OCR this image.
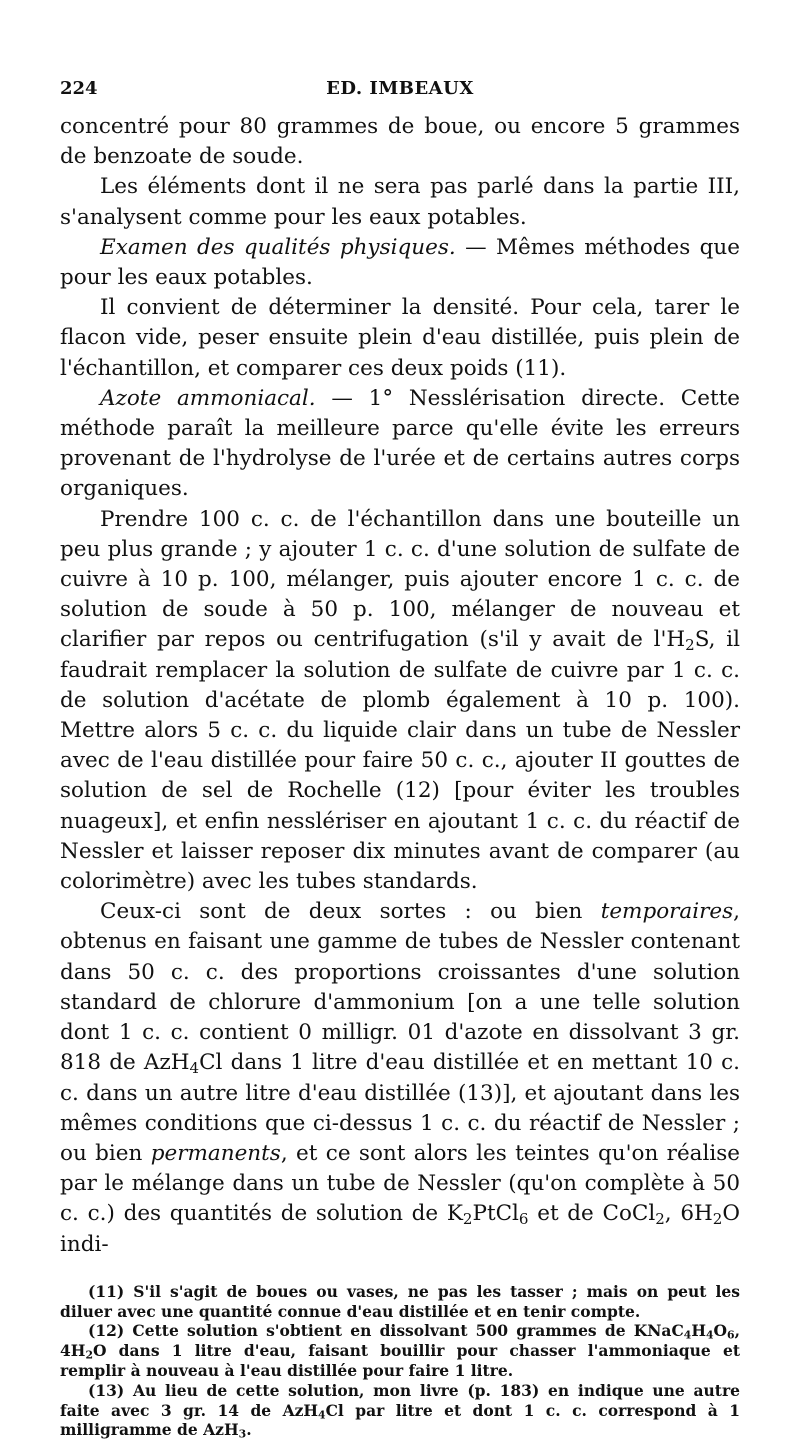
224	ED. IMBEAUX

concentré pour 80 grammes de boue, ou encore 5 grammes de benzoate de soude.

Les éléments dont il ne sera pas parlé dans la partie III, s'analysent comme pour les eaux potables.

Examen des qualités physiques. — Mêmes méthodes que pour les eaux potables.

Il convient de déterminer la densité. Pour cela, tarer le flacon vide, peser ensuite plein d'eau distillée, puis plein de l'échantillon, et comparer ces deux poids (11).

Azote ammoniacal. — 1° Nesslérisation directe. Cette méthode paraît la meilleure parce qu'elle évite les erreurs provenant de l'hydrolyse de l'urée et de certains autres corps organiques.

Prendre 100 c. c. de l'échantillon dans une bouteille un peu plus grande ; y ajouter 1 c. c. d'une solution de sulfate de cuivre à 10 p. 100, mélanger, puis ajouter encore 1 c. c. de solution de soude à 50 p. 100, mélanger de nouveau et clarifier par repos ou centrifugation (s'il y avait de $l'H_2S$, il faudrait remplacer la solution de sulfate de cuivre par 1 c. c. de solution d'acétate de plomb également à 10 p. 100). Mettre alors 5 c. c. du liquide clair dans un tube de Nessler avec de l'eau distillée pour faire 50 c. c., ajouter II gouttes de solution de sel de Rochelle (12) [pour éviter les troubles nuageux], et enfin nesslériser en ajoutant 1 c. c. du réactif de Nessler et laisser reposer dix minutes avant de comparer (au colorimètre) avec les tubes standards.

Ceux-ci sont de deux sortes : ou bien temporaires, obtenus en faisant une gamme de tubes de Nessler contenant dans 50 c. c. des proportions croissantes d'une solution standard de chlorure d'ammonium [on a une telle solution dont 1 c. c. contient 0 milligr. 01 d'azote en dissolvant 3 gr. 818 de AzH$_4$Cl dans 1 litre d'eau distillée et en mettant 10 c. c. dans un autre litre d'eau distillée (13)], et ajoutant dans les mêmes conditions que ci-dessus 1 c. c. du réactif de Nessler ; ou bien permanents, et ce sont alors les teintes qu'on réalise par le mélange dans un tube de Nessler (qu'on complète à 50 c. c.) des quantités de solution de $K_2PtCl_6$ et de CoCl$_2$, $6H_2O$ indi-

(11) S'il s'agit de boues ou vases, ne pas les tasser ; mais on peut les diluer avec une quantité connue d'eau distillée et en tenir compte.

(12) Cette solution s'obtient en dissolvant 500 grammes de $KNaC_4H_4O_6$, $4H_2O$ dans 1 litre d'eau, faisant bouillir pour chasser l'ammoniaque et remplir à nouveau à l'eau distillée pour faire 1 litre.

(13) Au lieu de cette solution, mon livre (p. 183) en indique une autre faite avec 3 gr. 14 de AzH$_4$Cl par litre et dont 1 c. c. correspond à 1 milligramme de AzH$_3$.
